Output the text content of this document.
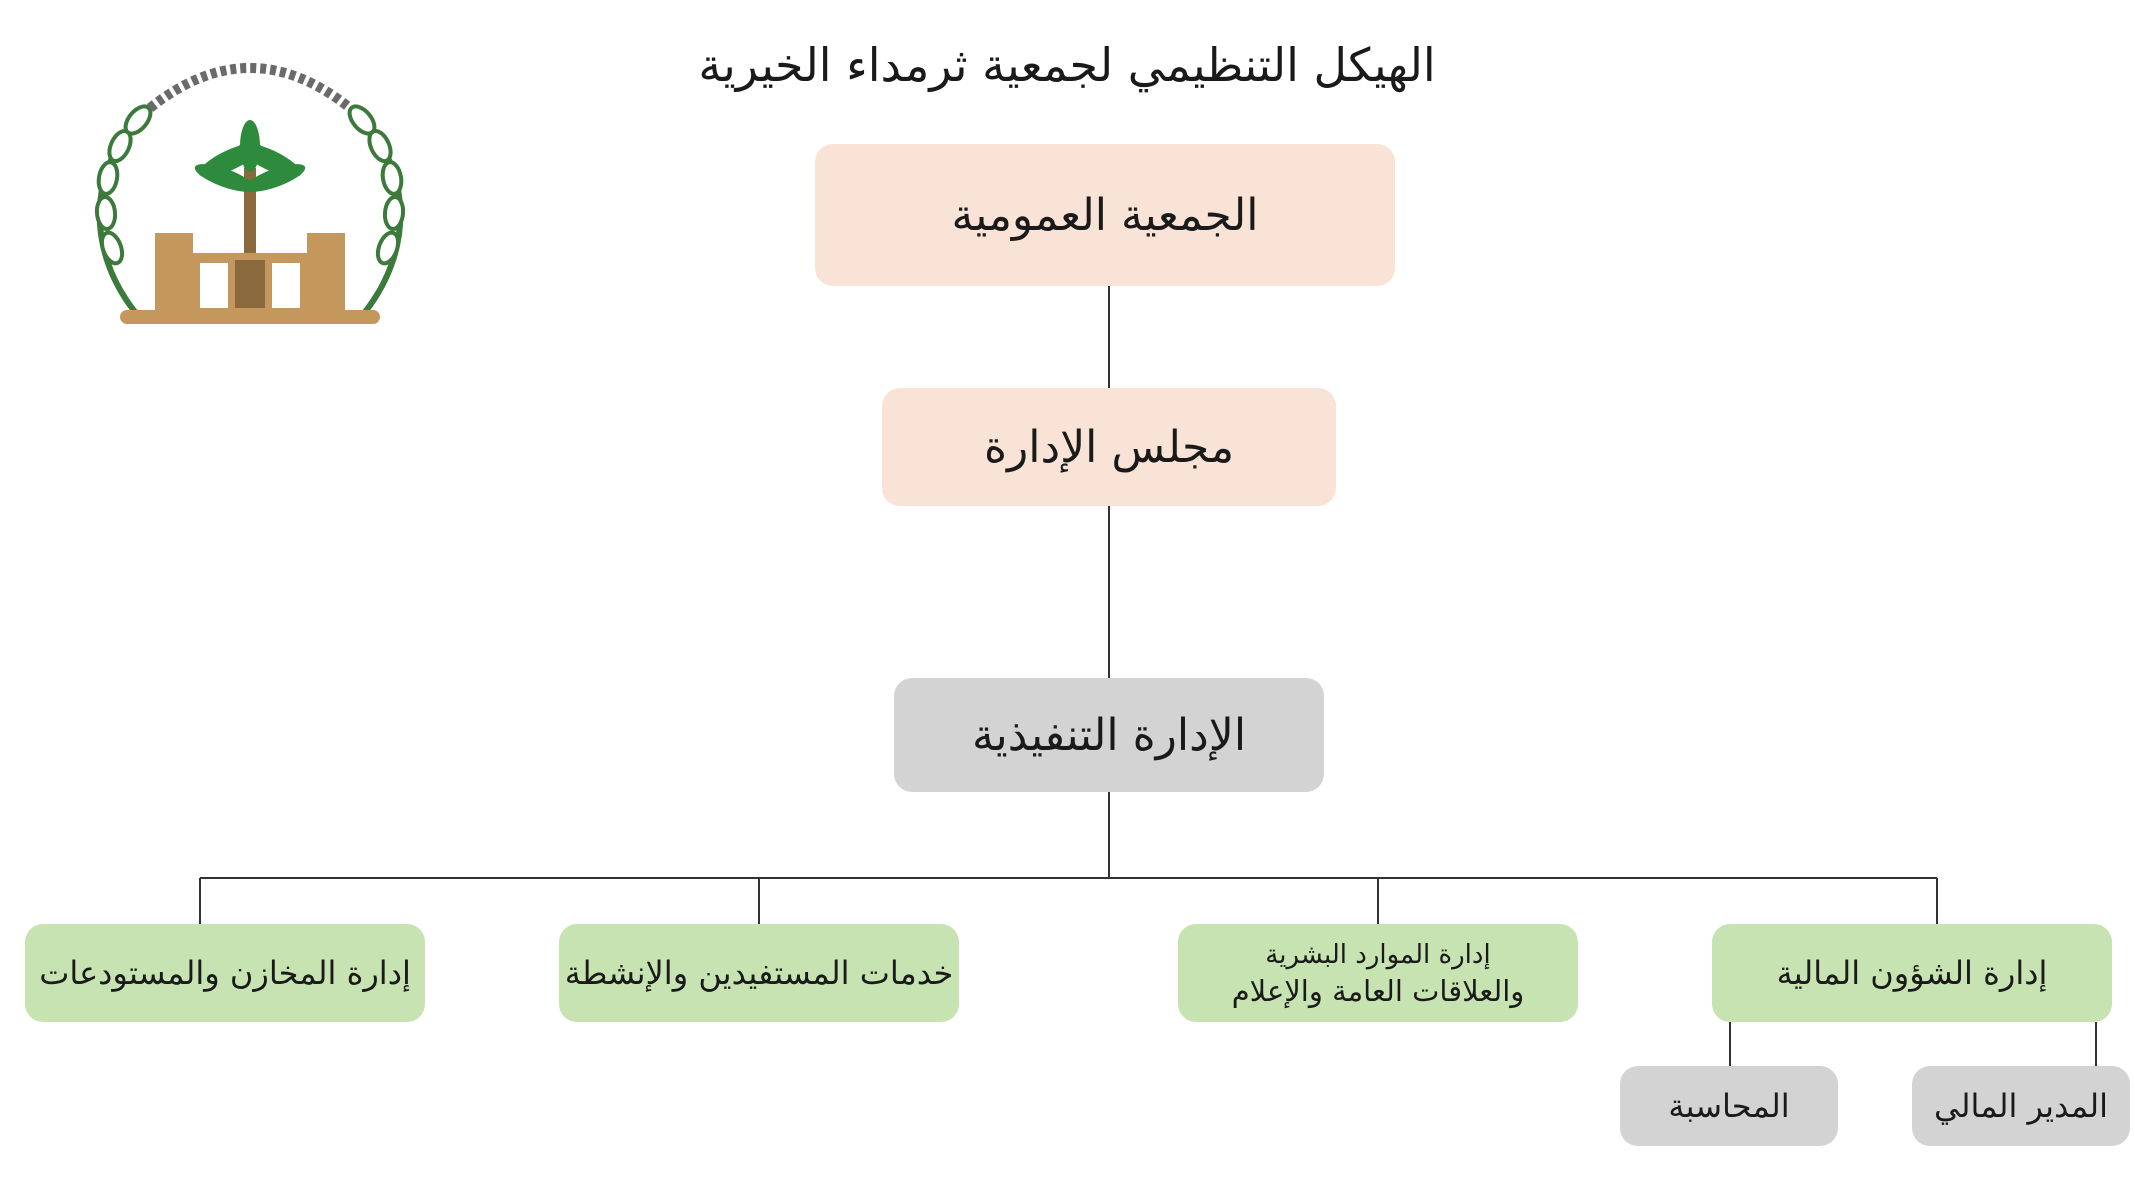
الهيكل التنظيمي لجمعية ثرمداء الخيرية
الجمعية العمومية
مجلس الإدارة
الإدارة التنفيذية
إدارة الشؤون المالية
إدارة الموارد البشرية
والعلاقات العامة والإعلام
خدمات المستفيدين والإنشطة
إدارة المخازن والمستودعات
المدير المالي
المحاسبة
